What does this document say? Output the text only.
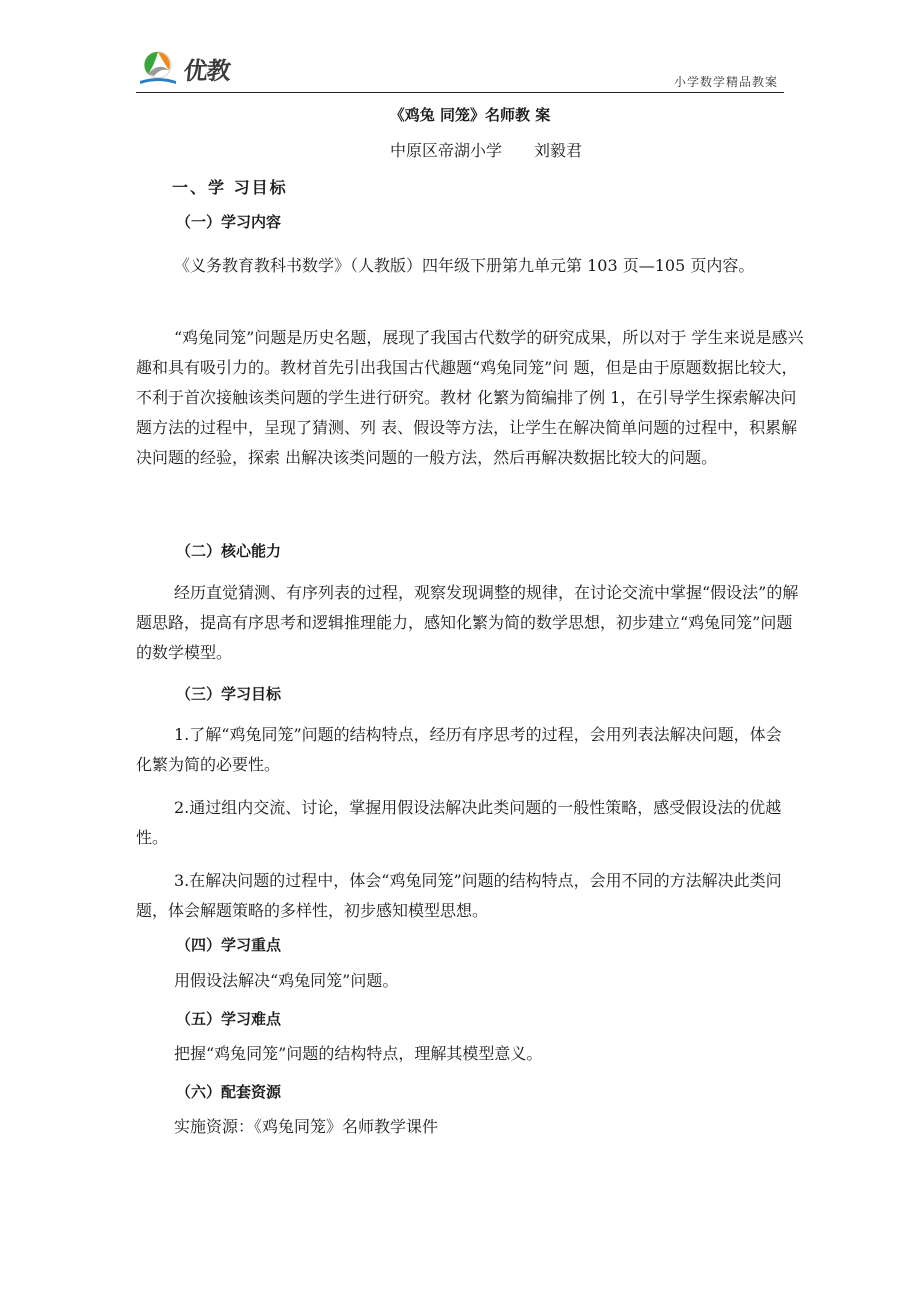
优教	小学数学精品教案
《鸡兔 同笼》名师教 案
中原区帝湖小学　　刘毅君
一、学 习目标
（一）学习内容

《义务教育教科书数学》（人教版）四年级下册第九单元第 103 页—105 页内容。

“鸡兔同笼”问题是历史名题，展现了我国古代数学的研究成果，所以对于 学生来说是感兴趣和具有吸引力的。教材首先引出我国古代趣题“鸡兔同笼”问 题，但是由于原题数据比较大，不利于首次接触该类问题的学生进行研究。教材 化繁为简编排了例 1，在引导学生探索解决问题方法的过程中，呈现了猜测、列 表、假设等方法，让学生在解决简单问题的过程中，积累解决问题的经验，探索 出解决该类问题的一般方法，然后再解决数据比较大的问题。

（二）核心能力

经历直觉猜测、有序列表的过程，观察发现调整的规律，在讨论交流中掌握“假设法”的解题思路，提高有序思考和逻辑推理能力，感知化繁为简的数学思想，初步建立“鸡兔同笼”问题的数学模型。

（三）学习目标

1.了解“鸡兔同笼”问题的结构特点，经历有序思考的过程，会用列表法解决问题，体会化繁为简的必要性。

2.通过组内交流、讨论，掌握用假设法解决此类问题的一般性策略，感受假设法的优越性。

3.在解决问题的过程中，体会“鸡兔同笼”问题的结构特点，会用不同的方法解决此类问题，体会解题策略的多样性，初步感知模型思想。

（四）学习重点

用假设法解决“鸡兔同笼”问题。

（五）学习难点

把握“鸡兔同笼”问题的结构特点，理解其模型意义。

（六）配套资源

实施资源：《鸡兔同笼》名师教学课件
